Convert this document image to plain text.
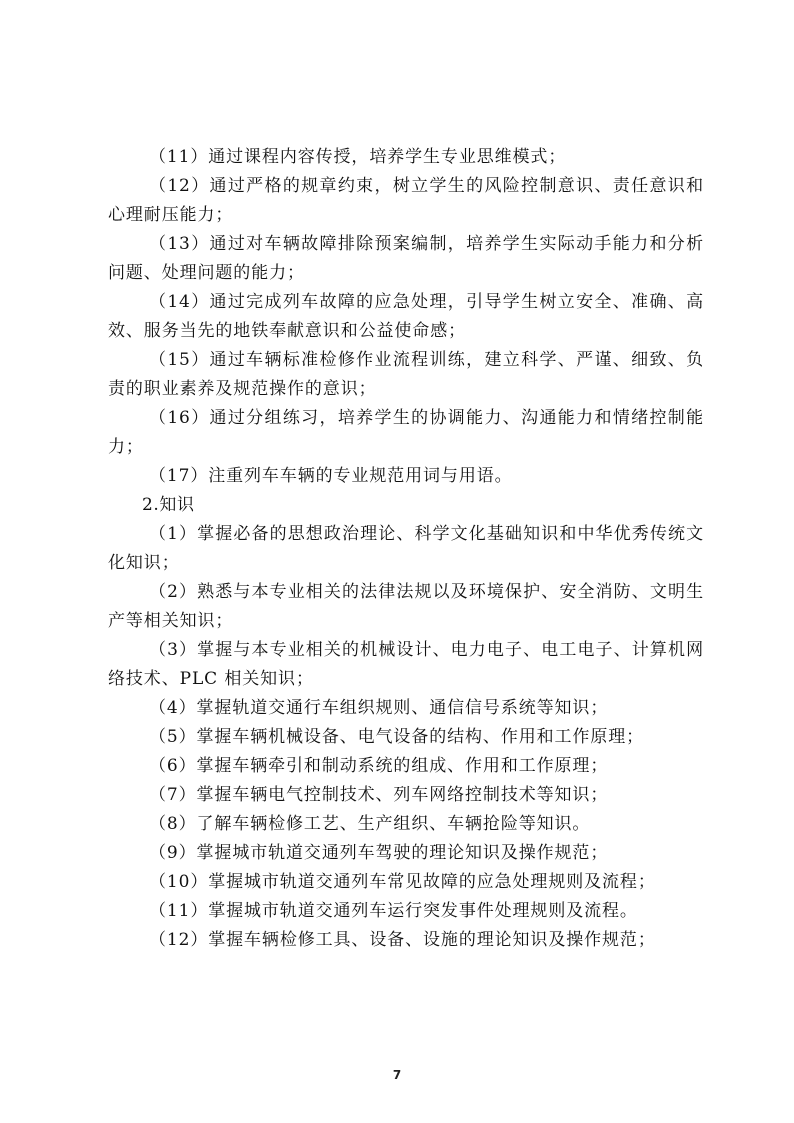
（11）通过课程内容传授，培养学生专业思维模式；

（12）通过严格的规章约束，树立学生的风险控制意识、责任意识和心理耐压能力；

（13）通过对车辆故障排除预案编制，培养学生实际动手能力和分析问题、处理问题的能力；

（14）通过完成列车故障的应急处理，引导学生树立安全、准确、高效、服务当先的地铁奉献意识和公益使命感；

（15）通过车辆标准检修作业流程训练，建立科学、严谨、细致、负责的职业素养及规范操作的意识；

（16）通过分组练习，培养学生的协调能力、沟通能力和情绪控制能力；

（17）注重列车车辆的专业规范用词与用语。

2.知识

（1）掌握必备的思想政治理论、科学文化基础知识和中华优秀传统文化知识；

（2）熟悉与本专业相关的法律法规以及环境保护、安全消防、文明生产等相关知识；

（3）掌握与本专业相关的机械设计、电力电子、电工电子、计算机网络技术、PLC 相关知识；

（4）掌握轨道交通行车组织规则、通信信号系统等知识；

（5）掌握车辆机械设备、电气设备的结构、作用和工作原理；

（6）掌握车辆牵引和制动系统的组成、作用和工作原理；

（7）掌握车辆电气控制技术、列车网络控制技术等知识；

（8）了解车辆检修工艺、生产组织、车辆抢险等知识。

（9）掌握城市轨道交通列车驾驶的理论知识及操作规范；

（10）掌握城市轨道交通列车常见故障的应急处理规则及流程；

（11）掌握城市轨道交通列车运行突发事件处理规则及流程。

（12）掌握车辆检修工具、设备、设施的理论知识及操作规范；

7
